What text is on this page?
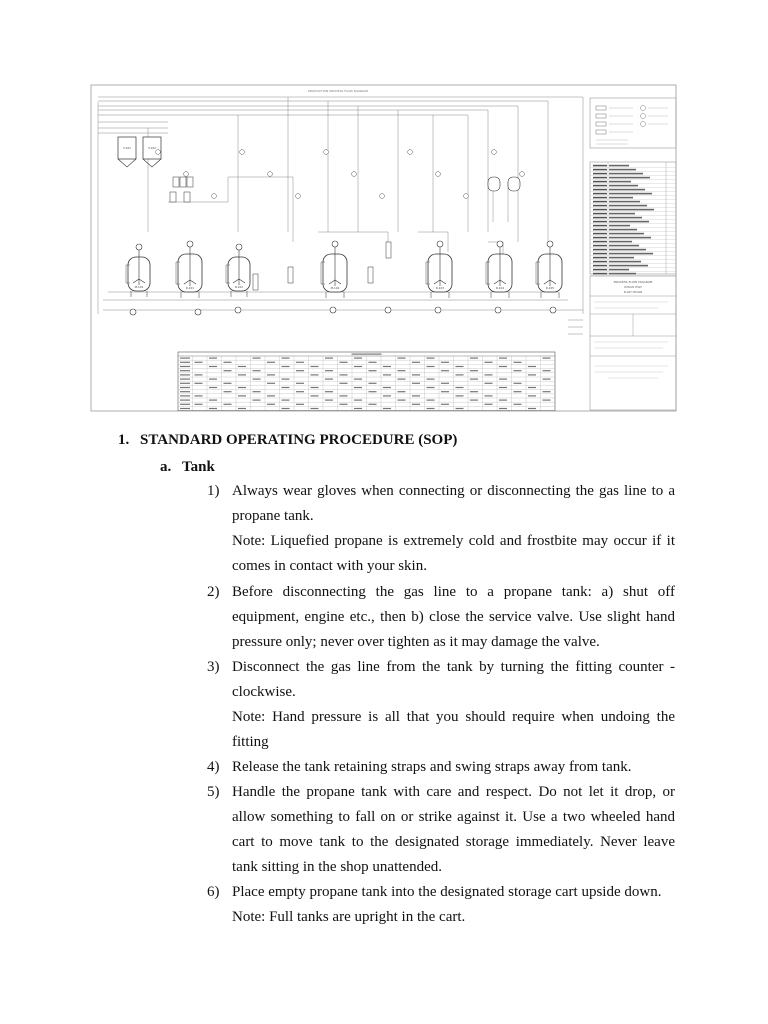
PRODUCTION PROCESS FLOW DIAGRAM
PROCESS FLOW DIAGRAM
DESIGN TEAM
PLANT DESIGN
M-101	R-101	R-102	M-102	R-103	R-104	R-105
T-101	T-102
1. STANDARD OPERATING PROCEDURE (SOP)
a. Tank
1) Always wear gloves when connecting or disconnecting the gas line to a
propane tank.
Note: Liquefied propane is extremely cold and frostbite may occur if it
comes in contact with your skin.
2) Before disconnecting the gas line to a propane tank: a) shut off
equipment, engine etc., then b) close the service valve. Use slight hand
pressure only; never over tighten as it may damage the valve.
3) Disconnect the gas line from the tank by turning the fitting counter -
clockwise.
Note: Hand pressure is all that you should require when undoing the
fitting
4) Release the tank retaining straps and swing straps away from tank.
5) Handle the propane tank with care and respect. Do not let it drop, or
allow something to fall on or strike against it. Use a two wheeled hand
cart to move tank to the designated storage immediately. Never leave
tank sitting in the shop unattended.
6) Place empty propane tank into the designated storage cart upside down.
Note: Full tanks are upright in the cart.
